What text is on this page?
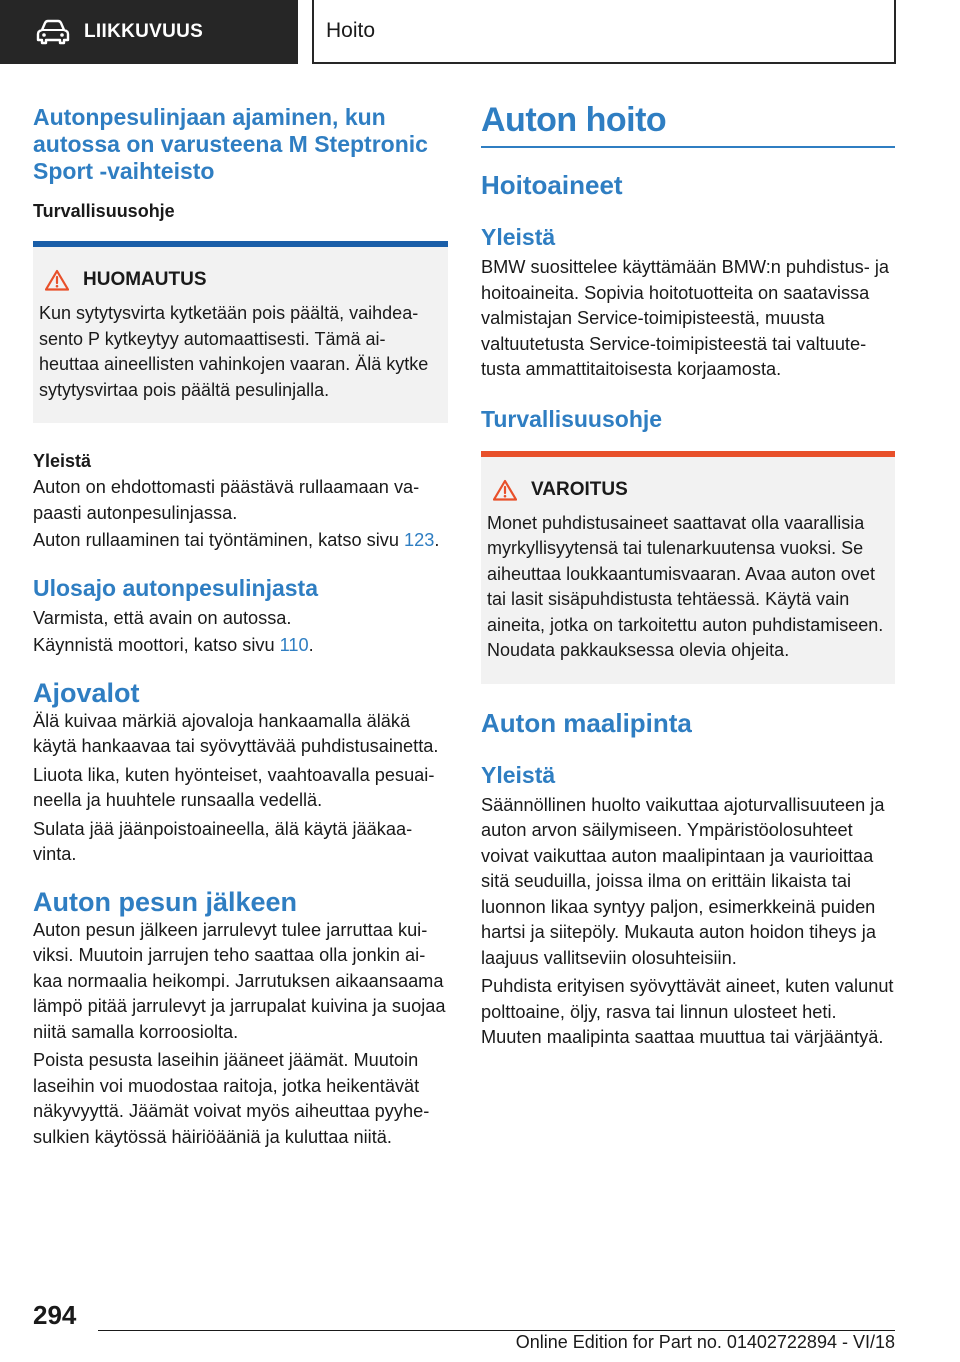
LIIKKUVUUS	Hoito
Autonpesulinjaan ajaminen, kun autossa on varusteena M Steptronic Sport -vaihteisto
Turvallisuusohje
HUOMAUTUS

Kun sytytysvirta kytketään pois päältä, vaihdeasento P kytkeytyy automaattisesti. Tämä aiheuttaa aineellisten vahinkojen vaaran. Älä kytke sytytysvirtaa pois päältä pesulinjalla.

Yleistä

Auton on ehdottomasti päästävä rullaamaan vapaasti autonpesulinjassa.

Auton rullaaminen tai työntäminen, katso sivu 123.

Ulosajo autonpesulinjasta

Varmista, että avain on autossa.

Käynnistä moottori, katso sivu 110.

Ajovalot

Älä kuivaa märkiä ajovaloja hankaamalla äläkä käytä hankaavaa tai syövyttävää puhdistusainetta.

Liuota lika, kuten hyönteiset, vaahtoavalla pesuaineella ja huuhtele runsaalla vedellä.

Sulata jää jäänpoistoaineella, älä käytä jääkaavinta.

Auton pesun jälkeen

Auton pesun jälkeen jarrulevyt tulee jarruttaa kuiviksi. Muutoin jarrujen teho saattaa olla jonkin aikaa normaalia heikompi. Jarrutuksen aikaansaama lämpö pitää jarrulevyt ja jarrupalat kuivina ja suojaa niitä samalla korroosiolta.

Poista pesusta laseihin jääneet jäämät. Muutoin laseihin voi muodostaa raitoja, jotka heikentävät näkyvyyttä. Jäämät voivat myös aiheuttaa pyyhesulkien käytössä häiriöääniä ja kuluttaa niitä.

Auton hoito
Hoitoaineet
Yleistä

BMW suosittelee käyttämään BMW:n puhdistus- ja hoitoaineita. Sopivia hoitotuotteita on saatavissa valmistajan Service-toimipisteestä, muusta valtuutetusta Service-toimipisteestä tai valtuutetusta ammattitaitoisesta korjaamosta.

Turvallisuusohje
VAROITUS

Monet puhdistusaineet saattavat olla vaarallisia myrkyllisyytensä tai tulenarkuutensa vuoksi. Se aiheuttaa loukkaantumisvaaran. Avaa auton ovet tai lasit sisäpuhdistusta tehtäessä. Käytä vain aineita, jotka on tarkoitettu auton puhdistamiseen. Noudata pakkauksessa olevia ohjeita.

Auton maalipinta
Yleistä

Säännöllinen huolto vaikuttaa ajoturvallisuuteen ja auton arvon säilymiseen. Ympäristöolosuhteet voivat vaikuttaa auton maalipintaan ja vaurioittaa sitä seuduilla, joissa ilma on erittäin likaista tai luonnon likaa syntyy paljon, esimerkkeinä puiden hartsi ja siitepöly. Mukauta auton hoidon tiheys ja laajuus vallitseviin olosuhteisiin.

Puhdista erityisen syövyttävät aineet, kuten valunut polttoaine, öljy, rasva tai linnun ulosteet heti. Muuten maalipinta saattaa muuttua tai värjääntyä.

294
Online Edition for Part no. 01402722894 - VI/18
